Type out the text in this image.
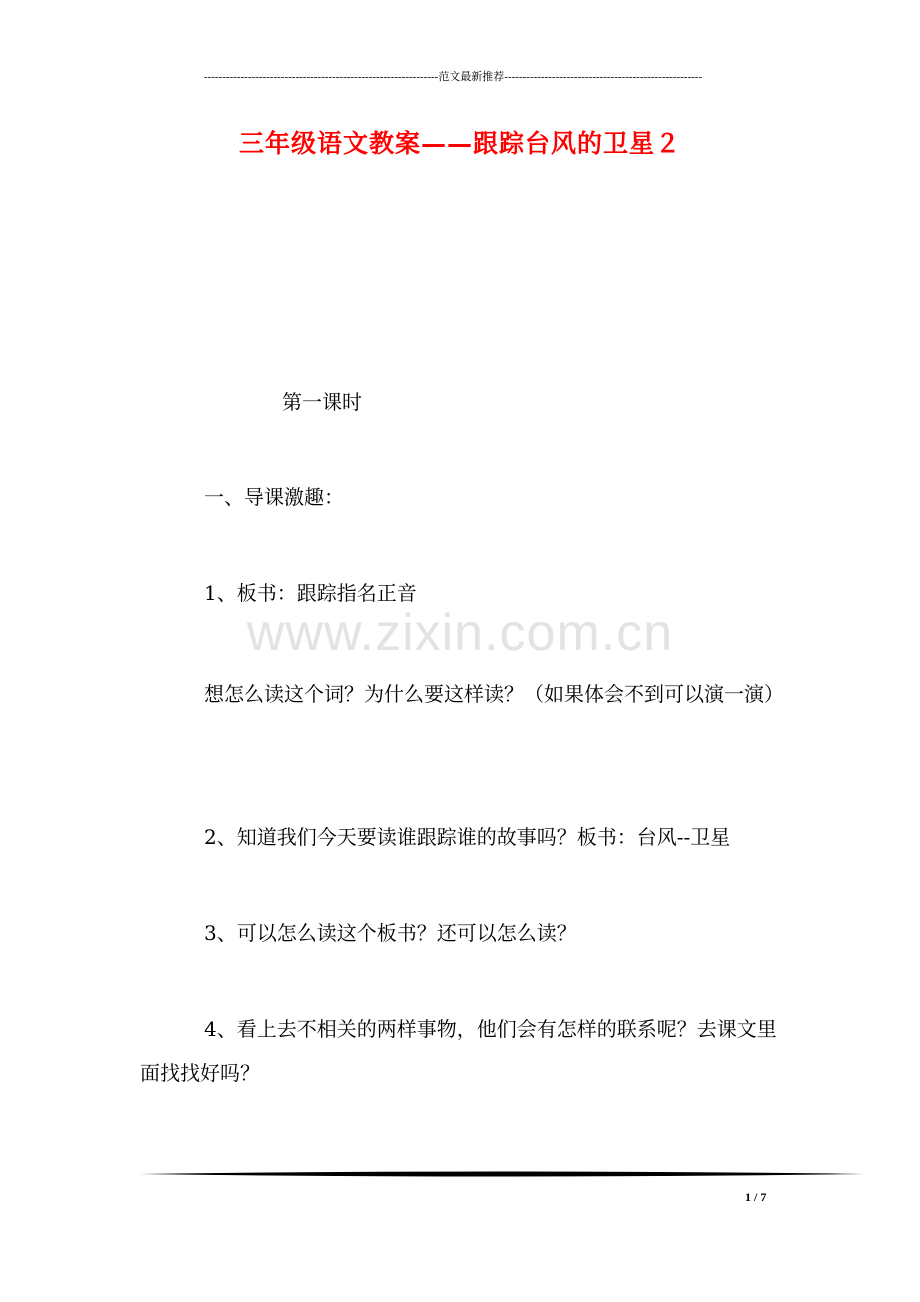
----------------------------------------------------------------范文最新推荐------------------------------------------------------
三年级语文教案——跟踪台风的卫星２
第一课时

一、导课激趣：

1、板书：跟踪指名正音

想怎么读这个词？为什么要这样读？（如果体会不到可以演一演）

2、知道我们今天要读谁跟踪谁的故事吗？板书：台风--卫星

3、可以怎么读这个板书？还可以怎么读？

4、看上去不相关的两样事物，他们会有怎样的联系呢？去课文里面找找好吗？

www.zixin.com.cn
1 / 7
